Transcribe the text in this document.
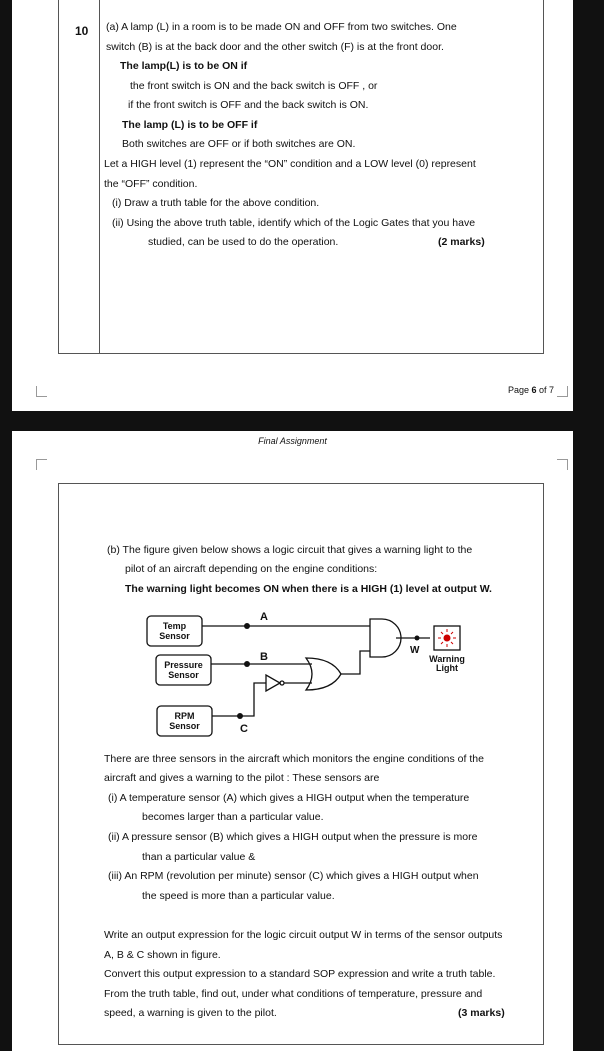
10 (a) A lamp (L) in a room is to be made ON and OFF from two switches. One
switch (B) is at the back door and the other switch (F) is at the front door.
The lamp(L) is to be ON if
the front switch is ON and the back switch is OFF , or
if the front switch is OFF and the back switch is ON.
The lamp (L) is to be OFF if
Both switches are OFF or if both switches are ON.
Let a HIGH level (1) represent the “ON” condition and a LOW level (0) represent
the “OFF” condition.
(i) Draw a truth table for the above condition.
(ii) Using the above truth table, identify which of the Logic Gates that you have
studied, can be used to do the operation.	(2 marks)
Page 6 of 7
Final Assignment
(b) The figure given below shows a logic circuit that gives a warning light to the
pilot of an aircraft depending on the engine conditions:
The warning light becomes ON when there is a HIGH (1) level at output W.
Temp
Sensor
Pressure
Sensor
RPM
Sensor
Warning
Light
A
B
C
W
There are three sensors in the aircraft which monitors the engine conditions of the
aircraft and gives a warning to the pilot : These sensors are
(i) A temperature sensor (A) which gives a HIGH output when the temperature
becomes larger than a particular value.
(ii) A pressure sensor (B) which gives a HIGH output when the pressure is more
than a particular value &
(iii) An RPM (revolution per minute) sensor (C) which gives a HIGH output when
the speed is more than a particular value.
Write an output expression for the logic circuit output W in terms of the sensor outputs
A, B & C shown in figure.
Convert this output expression to a standard SOP expression and write a truth table.
From the truth table, find out, under what conditions of temperature, pressure and
speed, a warning is given to the pilot.	(3 marks)
